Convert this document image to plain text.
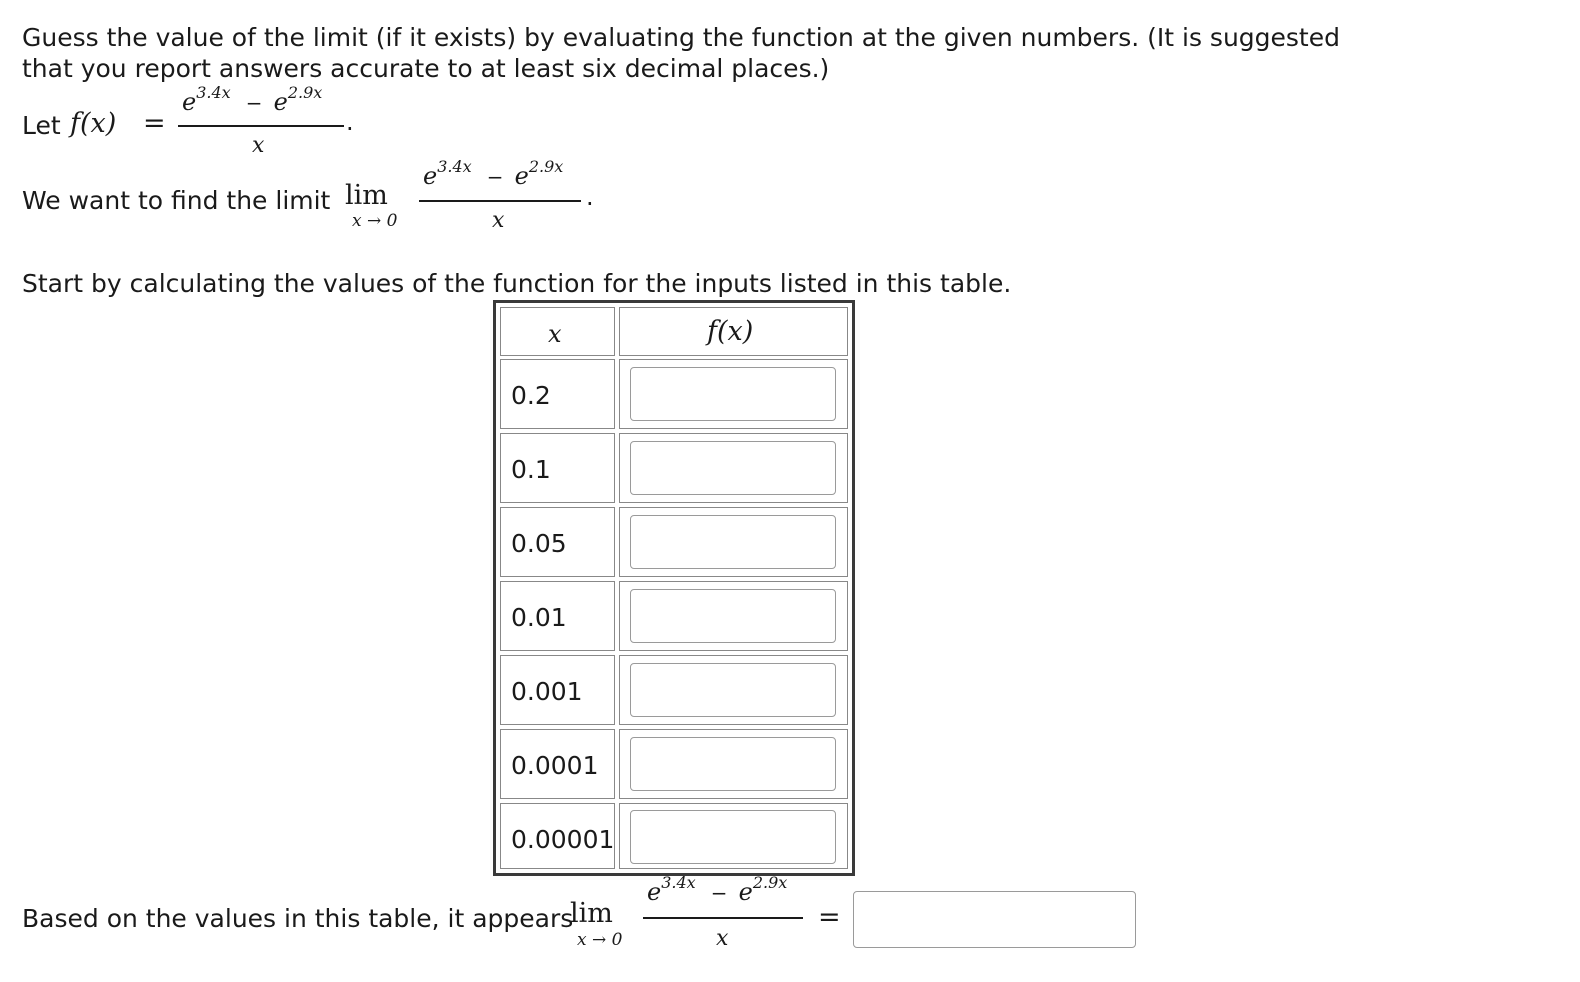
Guess the value of the limit (if it exists) by evaluating the function at the given numbers. (It is suggested
that you report answers accurate to at least six decimal places.)
Let f(x) =
e3.4x − e2.9x
.
x
We want to find the limit lim
x → 0
e3.4x − e2.9x
.
x
Start by calculating the values of the function for the inputs listed in this table.
x	f(x)
0.2
0.1
0.05
0.01
0.001
0.0001
0.00001
Based on the values in this table, it appears
lim
x → 0
e3.4x − e2.9x
x
=
